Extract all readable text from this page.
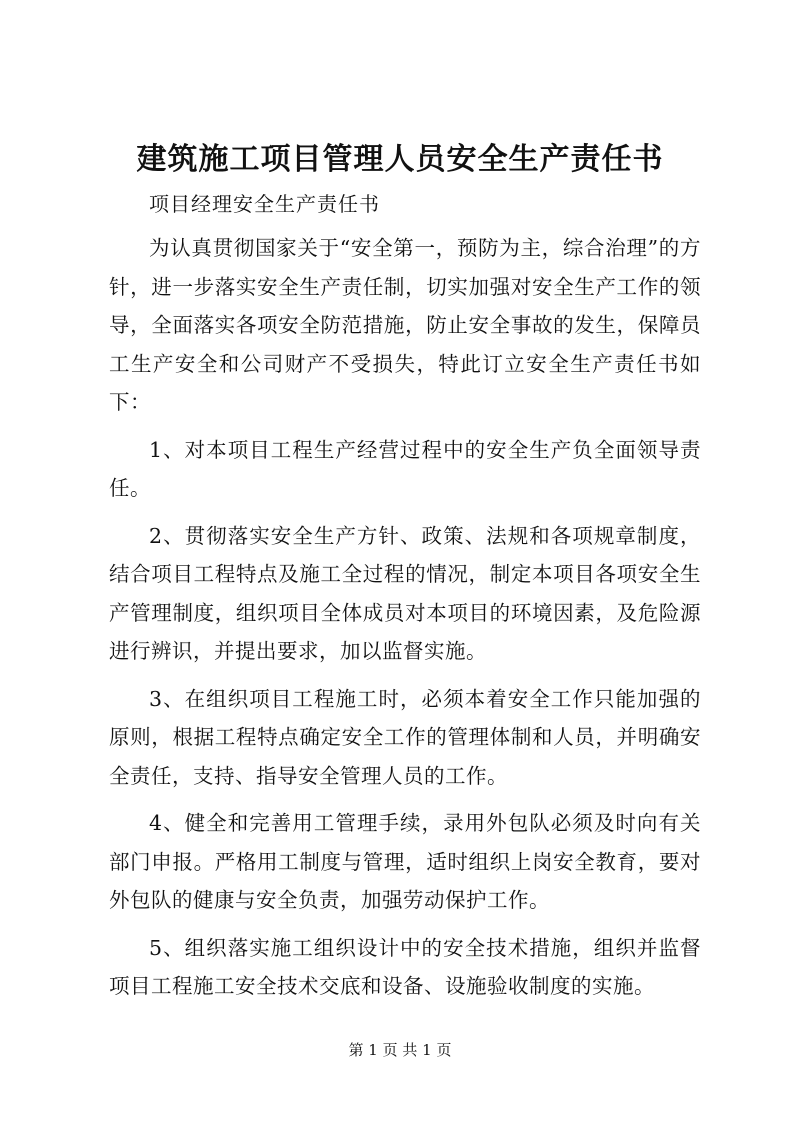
建筑施工项目管理人员安全生产责任书
项目经理安全生产责任书

为认真贯彻国家关于“安全第一，预防为主，综合治理”的方针，进一步落实安全生产责任制，切实加强对安全生产工作的领导，全面落实各项安全防范措施，防止安全事故的发生，保障员工生产安全和公司财产不受损失，特此订立安全生产责任书如下：

1、对本项目工程生产经营过程中的安全生产负全面领导责任。

2、贯彻落实安全生产方针、政策、法规和各项规章制度，结合项目工程特点及施工全过程的情况，制定本项目各项安全生产管理制度，组织项目全体成员对本项目的环境因素，及危险源进行辨识，并提出要求，加以监督实施。

3、在组织项目工程施工时，必须本着安全工作只能加强的原则，根据工程特点确定安全工作的管理体制和人员，并明确安全责任，支持、指导安全管理人员的工作。

4、健全和完善用工管理手续，录用外包队必须及时向有关部门申报。严格用工制度与管理，适时组织上岗安全教育，要对外包队的健康与安全负责，加强劳动保护工作。

5、组织落实施工组织设计中的安全技术措施，组织并监督项目工程施工安全技术交底和设备、设施验收制度的实施。

第 1 页 共 1 页
